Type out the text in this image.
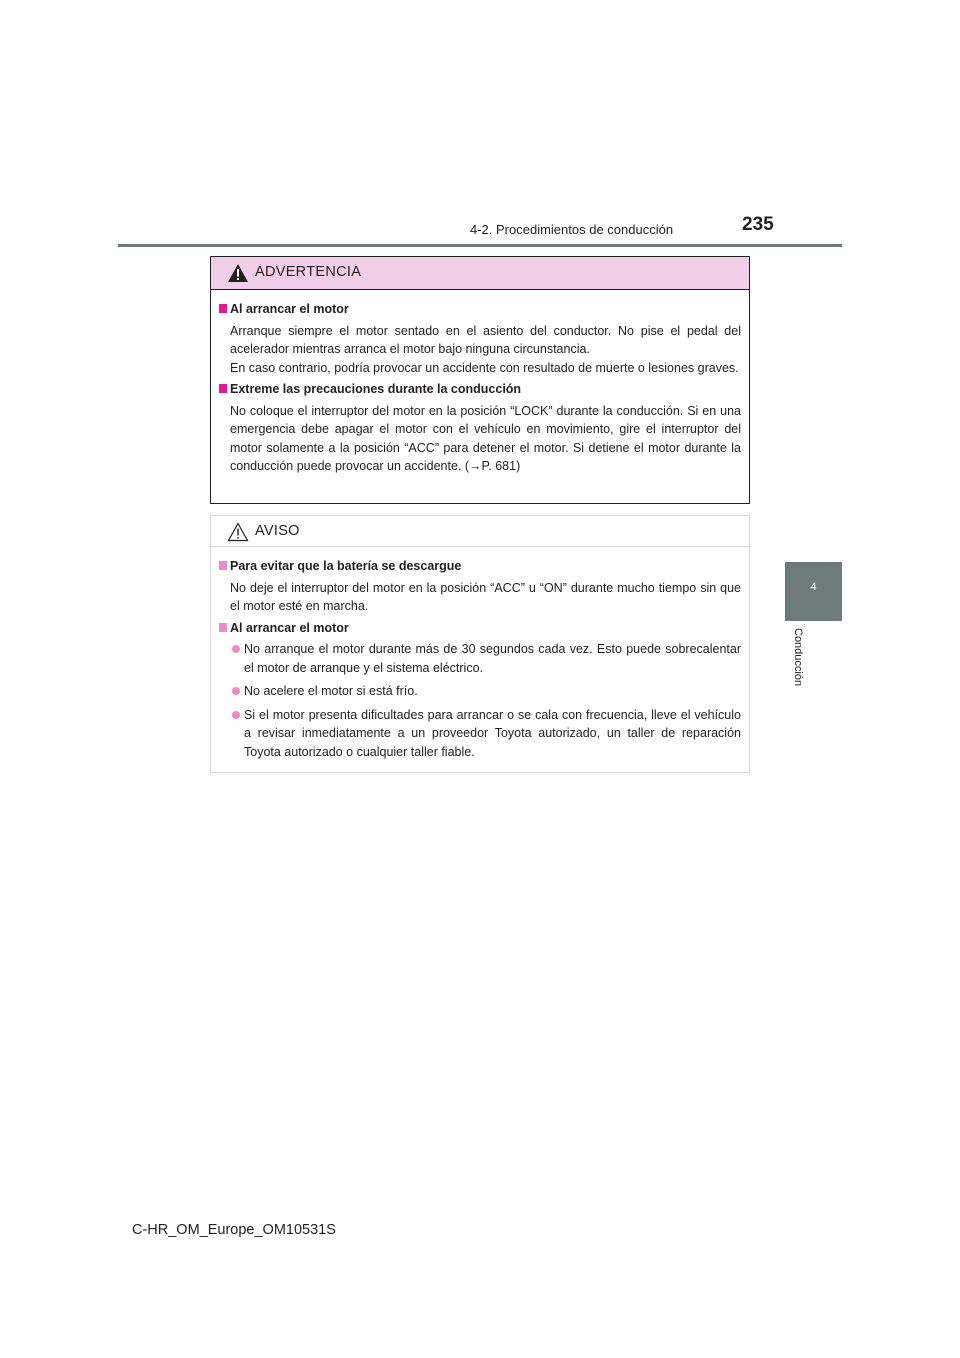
4-2. Procedimientos de conducción	235
4
Conducción
ADVERTENCIA
Al arrancar el motor
Arranque siempre el motor sentado en el asiento del conductor. No pise el pedal del acelerador mientras arranca el motor bajo ninguna circunstancia.
En caso contrario, podría provocar un accidente con resultado de muerte o lesiones graves.
Extreme las precauciones durante la conducción
No coloque el interruptor del motor en la posición “LOCK” durante la conducción. Si en una emergencia debe apagar el motor con el vehículo en movimiento, gire el interruptor del motor solamente a la posición “ACC” para detener el motor. Si detiene el motor durante la conducción puede provocar un accidente. (→P. 681)
AVISO
Para evitar que la batería se descargue
No deje el interruptor del motor en la posición “ACC” u “ON” durante mucho tiempo sin que el motor esté en marcha.
Al arrancar el motor
No arranque el motor durante más de 30 segundos cada vez. Esto puede sobrecalentar el motor de arranque y el sistema eléctrico.
No acelere el motor si está frío.
Si el motor presenta dificultades para arrancar o se cala con frecuencia, lleve el vehículo a revisar inmediatamente a un proveedor Toyota autorizado, un taller de reparación Toyota autorizado o cualquier taller fiable.
C-HR_OM_Europe_OM10531S
